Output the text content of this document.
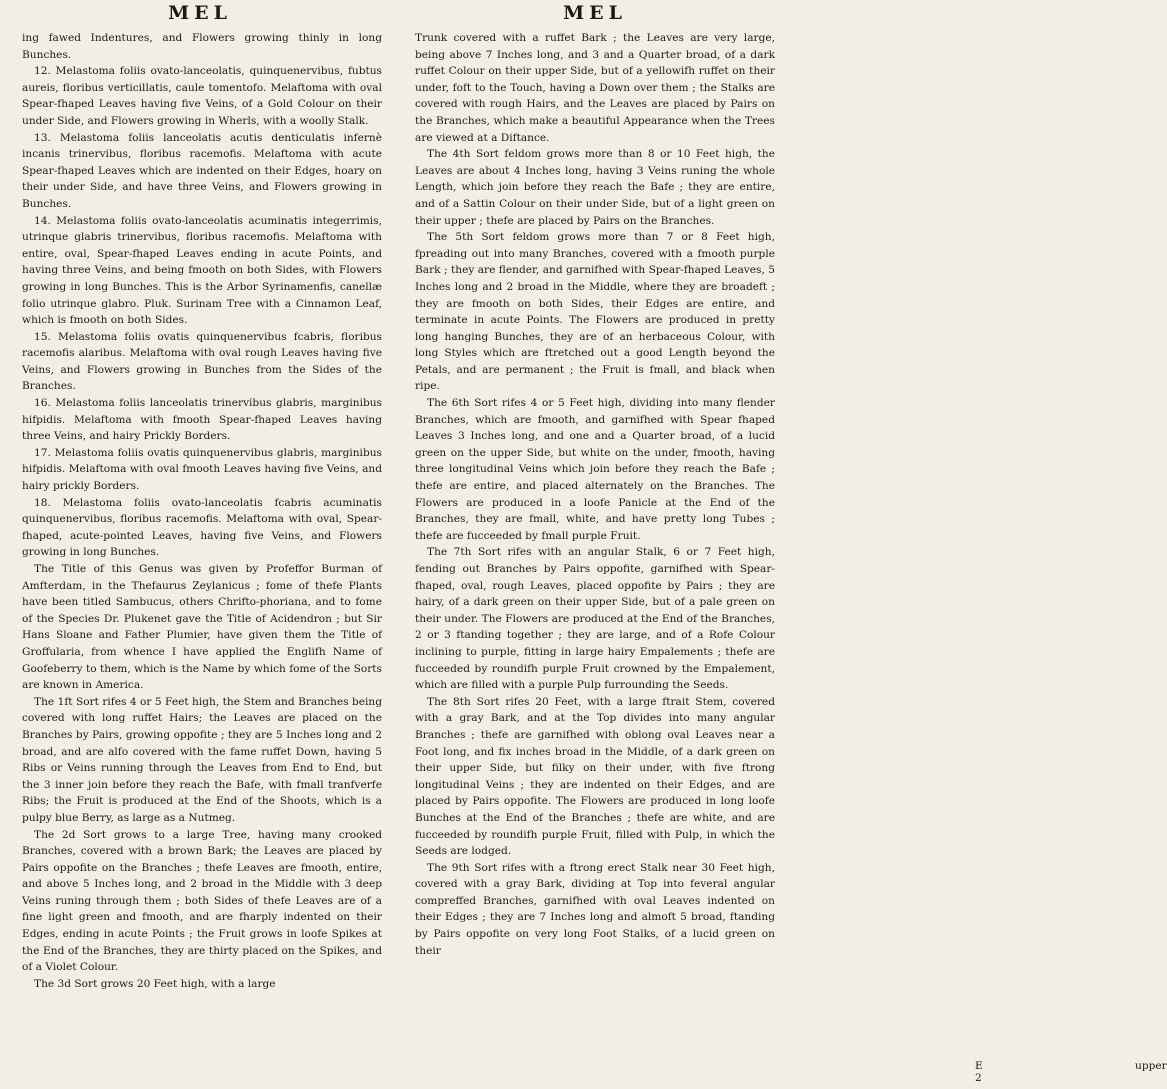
MEL	MEL

ing fawed Indentures, and Flowers growing thinly in long Bunches.

12. Melastoma foliis ovato-lanceolatis, quinquenervibus, fubtus aureis, floribus verticillatis, caule tomentofo. Melaftoma with oval Spear-fhaped Leaves having five Veins, of a Gold Colour on their under Side, and Flowers growing in Wherls, with a woolly Stalk.

13. Melastoma foliis lanceolatis acutis denticulatis infernè incanis trinervibus, floribus racemofis. Melaftoma with acute Spear-fhaped Leaves which are indented on their Edges, hoary on their under Side, and have three Veins, and Flowers growing in Bunches.

14. Melastoma foliis ovato-lanceolatis acuminatis integerrimis, utrinque glabris trinervibus, floribus racemofis. Melaftoma with entire, oval, Spear-fhaped Leaves ending in acute Points, and having three Veins, and being fmooth on both Sides, with Flowers growing in long Bunches. This is the Arbor Syrinamenfis, canellæ folio utrinque glabro. Pluk. Surinam Tree with a Cinnamon Leaf, which is fmooth on both Sides.

15. Melastoma foliis ovatis quinquenervibus fcabris, floribus racemofis alaribus. Melaftoma with oval rough Leaves having five Veins, and Flowers growing in Bunches from the Sides of the Branches.

16. Melastoma foliis lanceolatis trinervibus glabris, marginibus hifpidis. Melaftoma with fmooth Spear-fhaped Leaves having three Veins, and hairy Prickly Borders.

17. Melastoma foliis ovatis quinquenervibus glabris, marginibus hifpidis. Melaftoma with oval fmooth Leaves having five Veins, and hairy prickly Borders.

18. Melastoma foliis ovato-lanceolatis fcabris acuminatis quinquenervibus, floribus racemofis. Melaftoma with oval, Spear-fhaped, acute-pointed Leaves, having five Veins, and Flowers growing in long Bunches.

The Title of this Genus was given by Profeffor Burman of Amfterdam, in the Thefaurus Zeylanicus ; fome of thefe Plants have been titled Sambucus, others Chrifto-phoriana, and to fome of the Species Dr. Plukenet gave the Title of Acidendron ; but Sir Hans Sloane and Father Plumier, have given them the Title of Groffularia, from whence I have applied the Englifh Name of Goofeberry to them, which is the Name by which fome of the Sorts are known in America.

The 1ft Sort rifes 4 or 5 Feet high, the Stem and Branches being covered with long ruffet Hairs; the Leaves are placed on the Branches by Pairs, growing oppofite ; they are 5 Inches long and 2 broad, and are alfo covered with the fame ruffet Down, having 5 Ribs or Veins running through the Leaves from End to End, but the 3 inner join before they reach the Bafe, with fmall tranfverfe Ribs; the Fruit is produced at the End of the Shoots, which is a pulpy blue Berry, as large as a Nutmeg.

The 2d Sort grows to a large Tree, having many crooked Branches, covered with a brown Bark; the Leaves are placed by Pairs oppofite on the Branches ; thefe Leaves are fmooth, entire, and above 5 Inches long, and 2 broad in the Middle with 3 deep Veins runing through them ; both Sides of thefe Leaves are of a fine light green and fmooth, and are fharply indented on their Edges, ending in acute Points ; the Fruit grows in loofe Spikes at the End of the Branches, they are thirty placed on the Spikes, and of a Violet Colour.

The 3d Sort grows 20 Feet high, with a large

Trunk covered with a ruffet Bark ; the Leaves are very large, being above 7 Inches long, and 3 and a Quarter broad, of a dark ruffet Colour on their upper Side, but of a yellowifh ruffet on their under, foft to the Touch, having a Down over them ; the Stalks are covered with rough Hairs, and the Leaves are placed by Pairs on the Branches, which make a beautiful Appearance when the Trees are viewed at a Diftance.

The 4th Sort feldom grows more than 8 or 10 Feet high, the Leaves are about 4 Inches long, having 3 Veins runing the whole Length, which join before they reach the Bafe ; they are entire, and of a Sattin Colour on their under Side, but of a light green on their upper ; thefe are placed by Pairs on the Branches.

The 5th Sort feldom grows more than 7 or 8 Feet high, fpreading out into many Branches, covered with a fmooth purple Bark ; they are flender, and garnifhed with Spear-fhaped Leaves, 5 Inches long and 2 broad in the Middle, where they are broadeft ; they are fmooth on both Sides, their Edges are entire, and terminate in acute Points. The Flowers are produced in pretty long hanging Bunches, they are of an herbaceous Colour, with long Styles which are ftretched out a good Length beyond the Petals, and are permanent ; the Fruit is fmall, and black when ripe.

The 6th Sort rifes 4 or 5 Feet high, dividing into many flender Branches, which are fmooth, and garnifhed with Spear fhaped Leaves 3 Inches long, and one and a Quarter broad, of a lucid green on the upper Side, but white on the under, fmooth, having three longitudinal Veins which join before they reach the Bafe ; thefe are entire, and placed alternately on the Branches. The Flowers are produced in a loofe Panicle at the End of the Branches, they are fmall, white, and have pretty long Tubes ; thefe are fucceeded by fmall purple Fruit.

The 7th Sort rifes with an angular Stalk, 6 or 7 Feet high, fending out Branches by Pairs oppofite, garnifhed with Spear-fhaped, oval, rough Leaves, placed oppofite by Pairs ; they are hairy, of a dark green on their upper Side, but of a pale green on their under. The Flowers are produced at the End of the Branches, 2 or 3 ftanding together ; they are large, and of a Rofe Colour inclining to purple, fitting in large hairy Empalements ; thefe are fucceeded by roundifh purple Fruit crowned by the Empalement, which are filled with a purple Pulp furrounding the Seeds.

The 8th Sort rifes 20 Feet, with a large ftrait Stem, covered with a gray Bark, and at the Top divides into many angular Branches ; thefe are garnifhed with oblong oval Leaves near a Foot long, and fix inches broad in the Middle, of a dark green on their upper Side, but filky on their under, with five ftrong longitudinal Veins ; they are indented on their Edges, and are placed by Pairs oppofite. The Flowers are produced in long loofe Bunches at the End of the Branches ; thefe are white, and are fucceeded by roundifh purple Fruit, filled with Pulp, in which the Seeds are lodged.

The 9th Sort rifes with a ftrong erect Stalk near 30 Feet high, covered with a gray Bark, dividing at Top into feveral angular compreffed Branches, garnifhed with oval Leaves indented on their Edges ; they are 7 Inches long and almoft 5 broad, ftanding by Pairs oppofite on very long Foot Stalks, of a lucid green on their

E 2
upper
